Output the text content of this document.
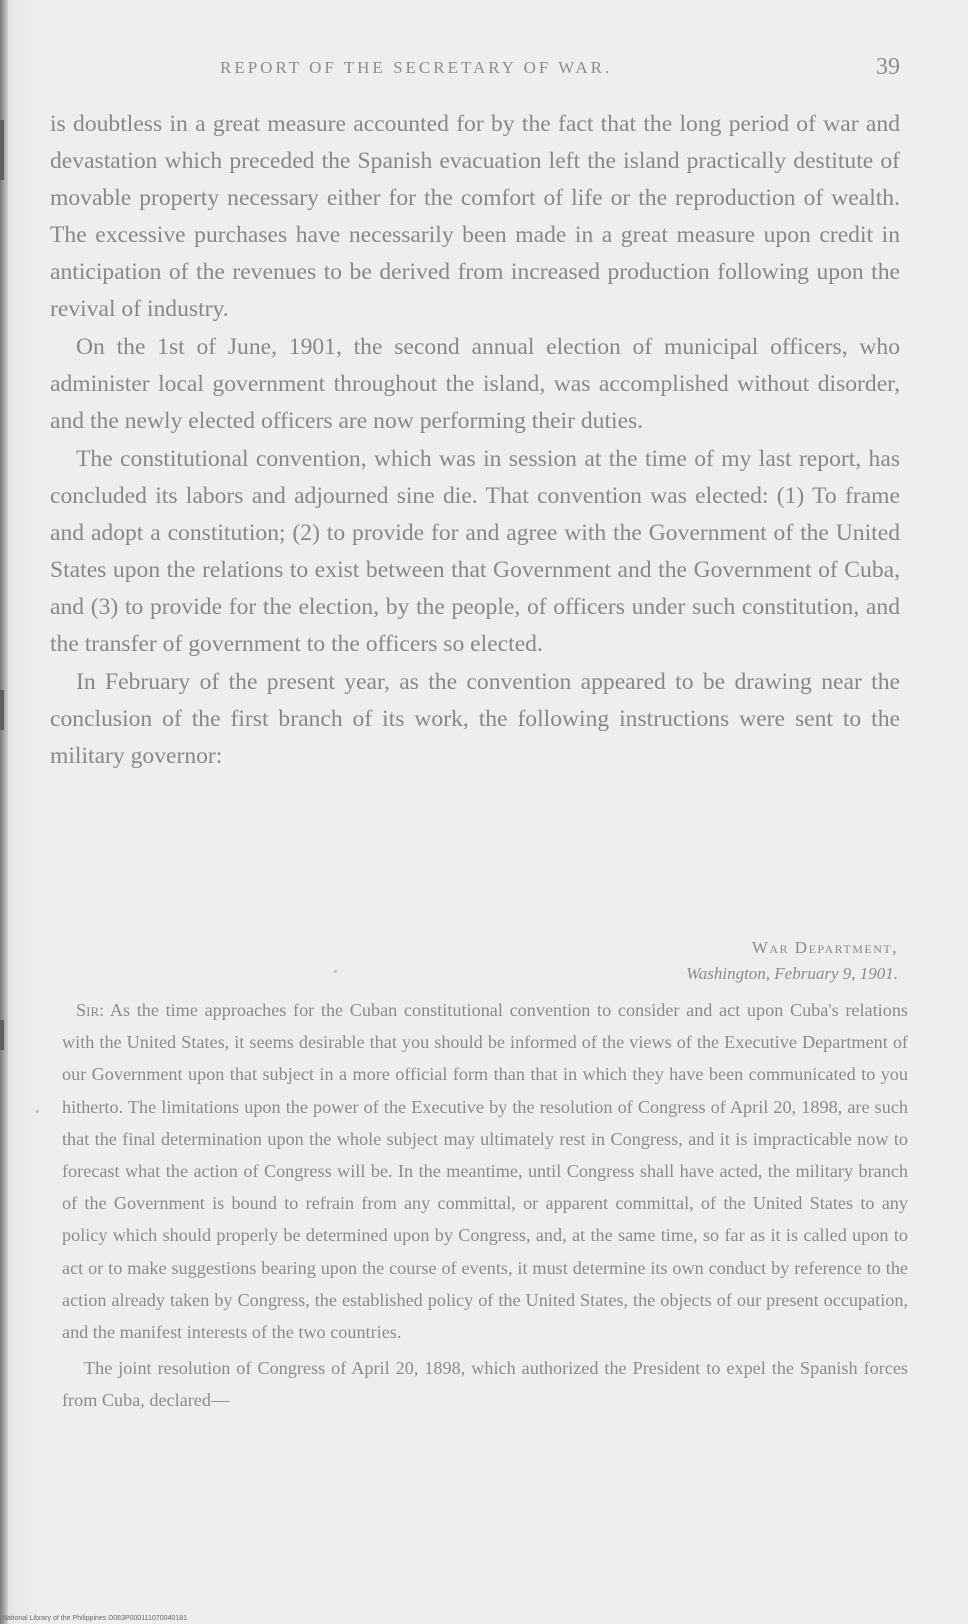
REPORT OF THE SECRETARY OF WAR.	39

is doubtless in a great measure accounted for by the fact that the long period of war and devastation which preceded the Spanish evacuation left the island practically destitute of movable property necessary either for the comfort of life or the reproduction of wealth. The excessive purchases have necessarily been made in a great measure upon credit in anticipation of the revenues to be derived from increased production following upon the revival of industry.

On the 1st of June, 1901, the second annual election of municipal officers, who administer local government throughout the island, was accomplished without disorder, and the newly elected officers are now performing their duties.

The constitutional convention, which was in session at the time of my last report, has concluded its labors and adjourned sine die. That convention was elected: (1) To frame and adopt a constitution; (2) to provide for and agree with the Government of the United States upon the relations to exist between that Government and the Government of Cuba, and (3) to provide for the election, by the people, of officers under such constitution, and the transfer of government to the officers so elected.

In February of the present year, as the convention appeared to be drawing near the conclusion of the first branch of its work, the following instructions were sent to the military governor:

War Department,
Washington, February 9, 1901.

Sir: As the time approaches for the Cuban constitutional convention to consider and act upon Cuba's relations with the United States, it seems desirable that you should be informed of the views of the Executive Department of our Government upon that subject in a more official form than that in which they have been communicated to you hitherto. The limitations upon the power of the Executive by the resolution of Congress of April 20, 1898, are such that the final determination upon the whole subject may ultimately rest in Congress, and it is impracticable now to forecast what the action of Congress will be. In the meantime, until Congress shall have acted, the military branch of the Government is bound to refrain from any committal, or apparent committal, of the United States to any policy which should properly be determined upon by Congress, and, at the same time, so far as it is called upon to act or to make suggestions bearing upon the course of events, it must determine its own conduct by reference to the action already taken by Congress, the established policy of the United States, the objects of our present occupation, and the manifest interests of the two countries.

The joint resolution of Congress of April 20, 1898, which authorized the President to expel the Spanish forces from Cuba, declared—

National Library of the Philippines D083P000111070040181
